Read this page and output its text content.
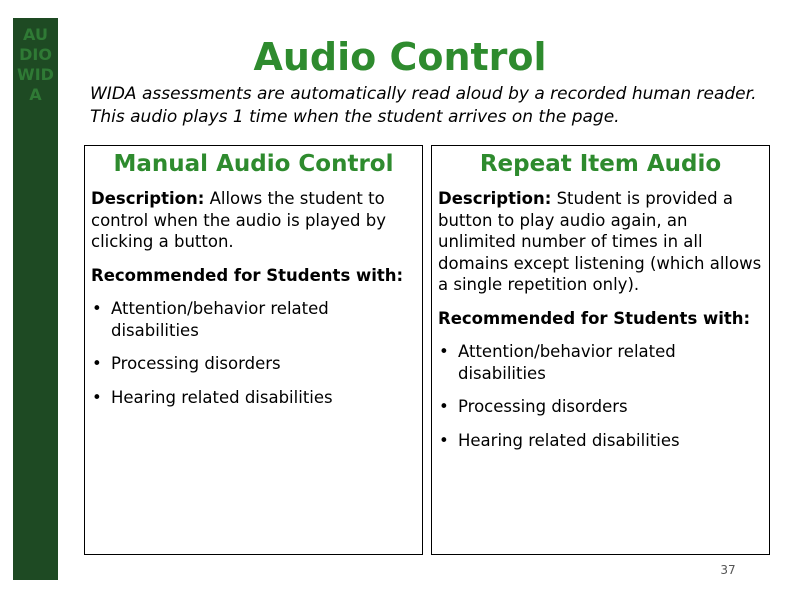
AUDIO WIDA
Audio Control

WIDA assessments are automatically read aloud by a recorded human reader. This audio plays 1 time when the student arrives on the page.

Manual Audio Control

Description: Allows the student to control when the audio is played by clicking a button.

Recommended for Students with:

• Attention/behavior related disabilities
• Processing disorders
• Hearing related disabilities
Repeat Item Audio

Description: Student is provided a button to play audio again, an unlimited number of times in all domains except listening (which allows a single repetition only).

Recommended for Students with:

• Attention/behavior related disabilities
• Processing disorders
• Hearing related disabilities
37
